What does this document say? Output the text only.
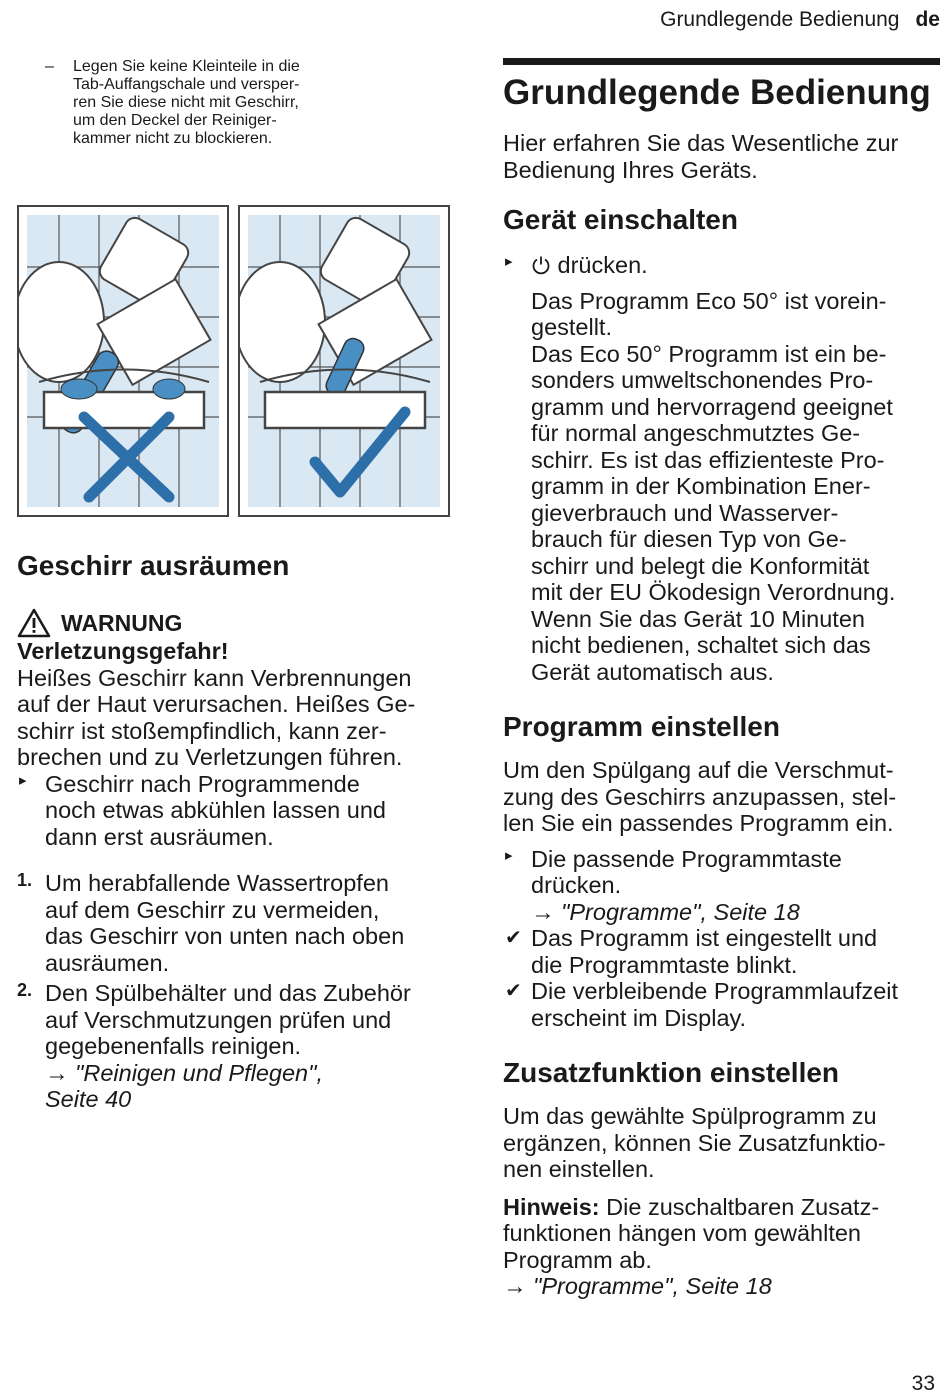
Grundlegende Bedienung de
– Legen Sie keine Kleinteile in die
Tab-Auffangschale und versper-
ren Sie diese nicht mit Geschirr,
um den Deckel der Reiniger-
kammer nicht zu blockieren.
Geschirr ausräumen
WARNUNG

Verletzungsgefahr!

Heißes Geschirr kann Verbrennungen

auf der Haut verursachen. Heißes Ge-

schirr ist stoßempfindlich, kann zer-

brechen und zu Verletzungen führen.

▸ Geschirr nach Programmende

noch etwas abkühlen lassen und

dann erst ausräumen.

1. Um herabfallende Wassertropfen

auf dem Geschirr zu vermeiden,

das Geschirr von unten nach oben

ausräumen.

2. Den Spülbehälter und das Zubehör

auf Verschmutzungen prüfen und

gegebenenfalls reinigen.

→ "Reinigen und Pflegen",

Seite 40

Grundlegende Bedienung

Hier erfahren Sie das Wesentliche zur

Bedienung Ihres Geräts.

Gerät einschalten
▸	drücken.

Das Programm Eco 50° ist vorein-

gestellt.

Das Eco 50° Programm ist ein be-

sonders umweltschonendes Pro-

gramm und hervorragend geeignet

für normal angeschmutztes Ge-

schirr. Es ist das effizienteste Pro-

gramm in der Kombination Ener-

gieverbrauch und Wasserver-

brauch für diesen Typ von Ge-

schirr und belegt die Konformität

mit der EU Ökodesign Verordnung.

Wenn Sie das Gerät 10 Minuten

nicht bedienen, schaltet sich das

Gerät automatisch aus.

Programm einstellen

Um den Spülgang auf die Verschmut-

zung des Geschirrs anzupassen, stel-

len Sie ein passendes Programm ein.

▸ Die passende Programmtaste

drücken.

→ "Programme", Seite 18

✔ Das Programm ist eingestellt und

die Programmtaste blinkt.

✔ Die verbleibende Programmlaufzeit

erscheint im Display.

Zusatzfunktion einstellen

Um das gewählte Spülprogramm zu

ergänzen, können Sie Zusatzfunktio-

nen einstellen.

Hinweis: Die zuschaltbaren Zusatz-

funktionen hängen vom gewählten

Programm ab.

→ "Programme", Seite 18

33
